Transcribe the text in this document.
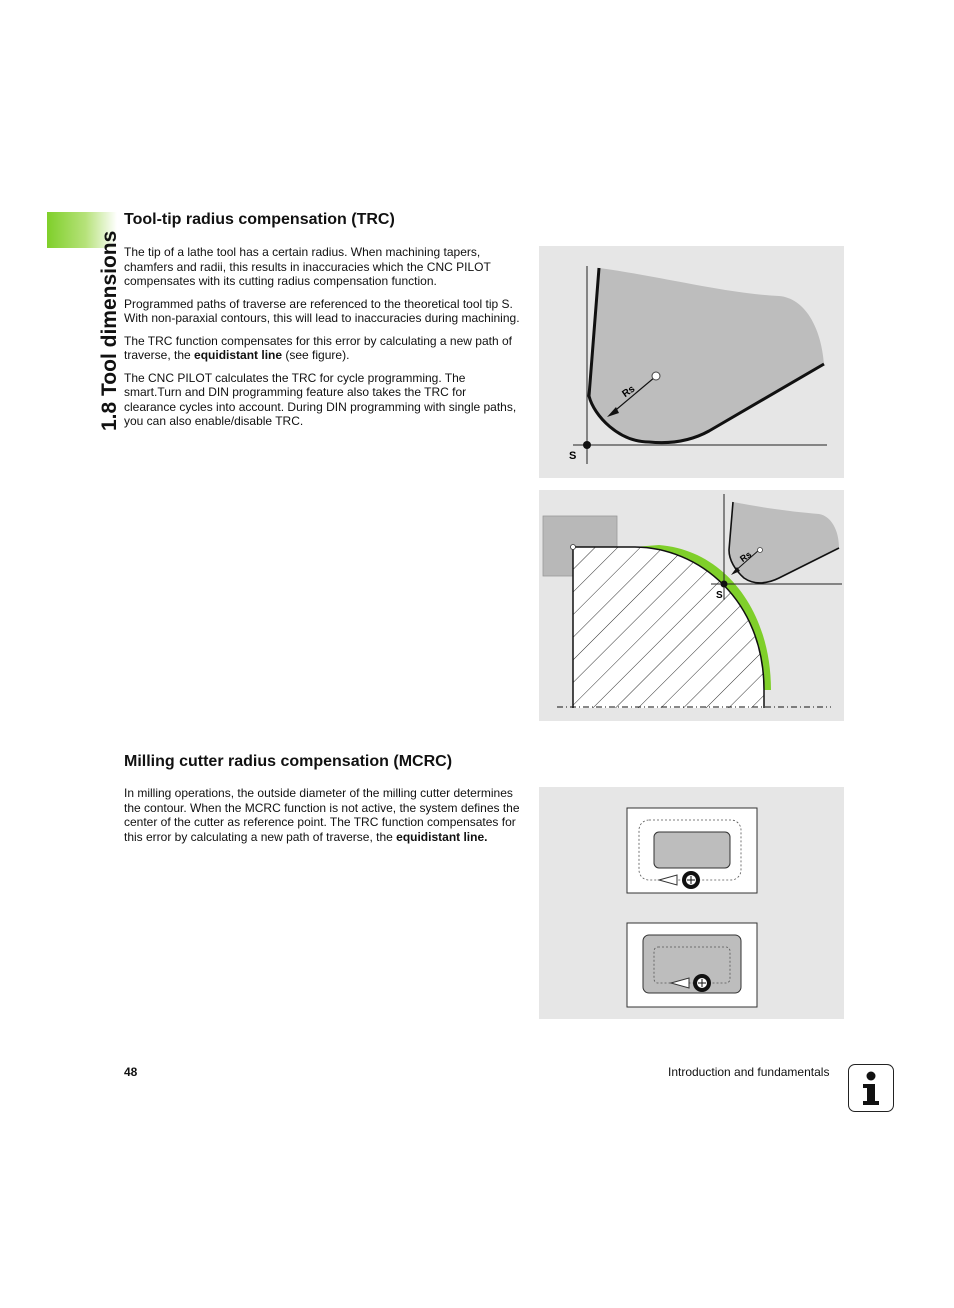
1.8 Tool dimensions
Tool-tip radius compensation (TRC)

The tip of a lathe tool has a certain radius. When machining tapers, chamfers and radii, this results in inaccuracies which the CNC PILOT compensates with its cutting radius compensation function.

Programmed paths of traverse are referenced to the theoretical tool tip S. With non-paraxial contours, this will lead to inaccuracies during machining.

The TRC function compensates for this error by calculating a new path of traverse, the equidistant line (see figure).

The CNC PILOT calculates the TRC for cycle programming. The smart.Turn and DIN programming feature also takes the TRC for clearance cycles into account. During DIN programming with single paths, you can also enable/disable TRC.

Rs
S
Rs
S
Milling cutter radius compensation (MCRC)

In milling operations, the outside diameter of the milling cutter determines the contour. When the MCRC function is not active, the system defines the center of the cutter as reference point. The TRC function compensates for this error by calculating a new path of traverse, the equidistant line.

48	Introduction and fundamentals
